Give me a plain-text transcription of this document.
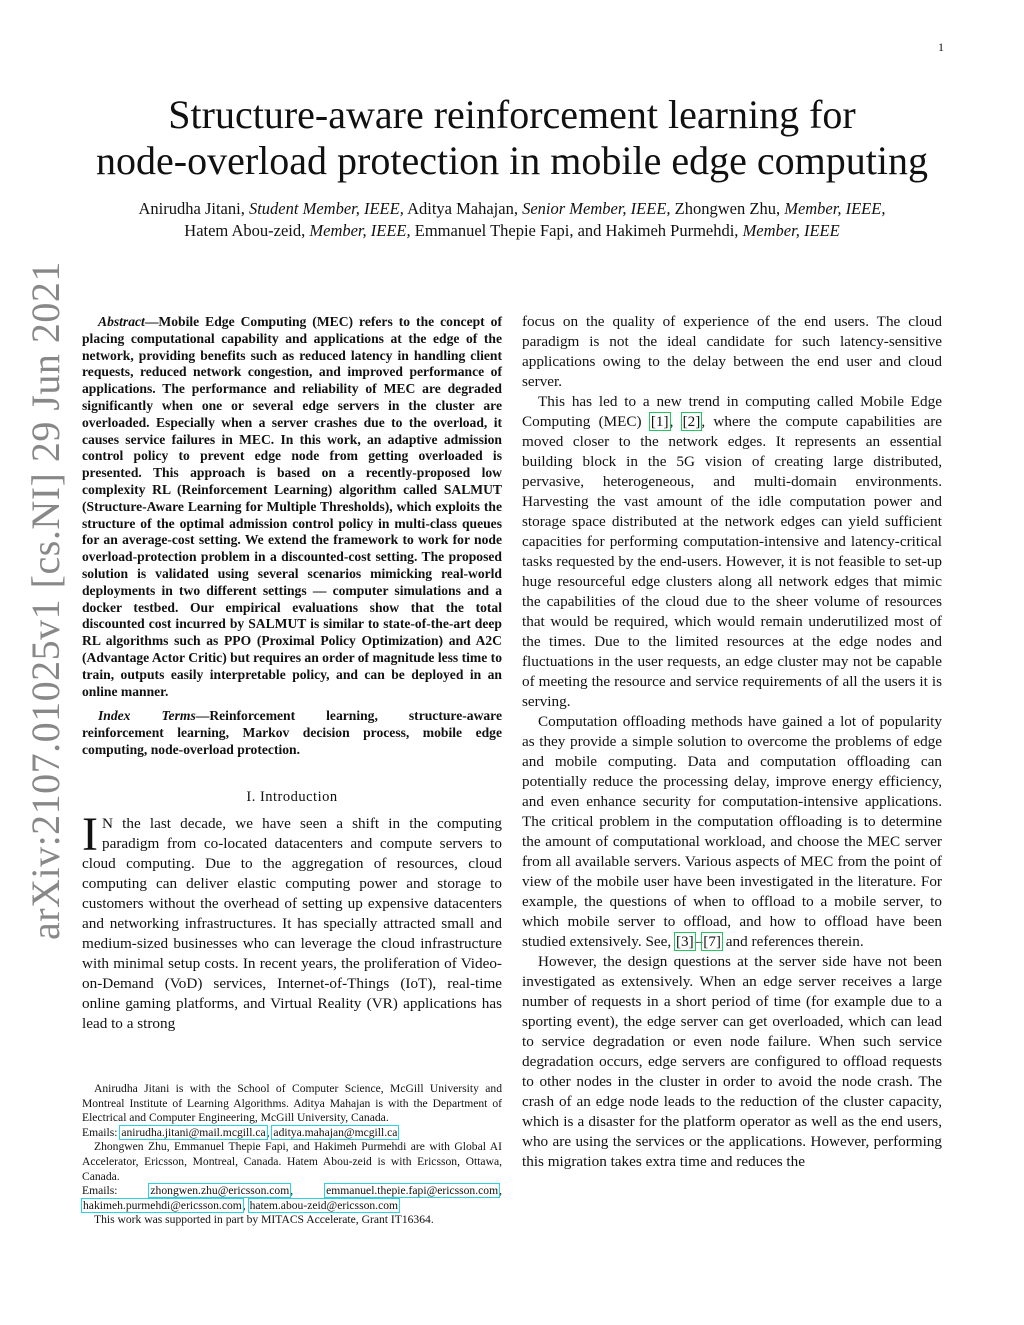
1
Structure-aware reinforcement learning for
node-overload protection in mobile edge computing
Anirudha Jitani, Student Member, IEEE, Aditya Mahajan, Senior Member, IEEE, Zhongwen Zhu, Member, IEEE,
Hatem Abou-zeid, Member, IEEE, Emmanuel Thepie Fapi, and Hakimeh Purmehdi, Member, IEEE
arXiv:2107.01025v1 [cs.NI] 29 Jun 2021	Abstract—Mobile Edge Computing (MEC) refers to the concept of placing computational capability and applications at the edge of the network, providing benefits such as reduced latency in handling client requests, reduced network congestion, and improved performance of applications. The performance and reliability of MEC are degraded significantly when one or several edge servers in the cluster are overloaded. Especially when a server crashes due to the overload, it causes service failures in MEC. In this work, an adaptive admission control policy to prevent edge node from getting overloaded is presented. This approach is based on a recently-proposed low complexity RL (Reinforcement Learning) algorithm called SALMUT (Structure-Aware Learning for Multiple Thresholds), which exploits the structure of the optimal admission control policy in multi-class queues for an average-cost setting. We extend the framework to work for node overload-protection problem in a discounted-cost setting. The proposed solution is validated using several scenarios mimicking real-world deployments in two different settings — computer simulations and a docker testbed. Our empirical evaluations show that the total discounted cost incurred by SALMUT is similar to state-of-the-art deep RL algorithms such as PPO (Proximal Policy Optimization) and A2C (Advantage Actor Critic) but requires an order of magnitude less time to train, outputs easily interpretable policy, and can be deployed in an online manner.

Index Terms—Reinforcement learning, structure-aware reinforcement learning, Markov decision process, mobile edge computing, node-overload protection.

I. Introduction

I N the last decade, we have seen a shift in the computing paradigm from co-located datacenters and compute servers to cloud computing. Due to the aggregation of resources, cloud computing can deliver elastic computing power and storage to customers without the overhead of setting up expensive datacenters and networking infrastructures. It has specially attracted small and medium-sized businesses who can leverage the cloud infrastructure with minimal setup costs. In recent years, the proliferation of Video-on-Demand (VoD) services, Internet-of-Things (IoT), real-time online gaming platforms, and Virtual Reality (VR) applications has lead to a strong

Anirudha Jitani is with the School of Computer Science, McGill University and Montreal Institute of Learning Algorithms. Aditya Mahajan is with the Department of Electrical and Computer Engineering, McGill University, Canada.

Emails: anirudha.jitani@mail.mcgill.ca, aditya.mahajan@mcgill.ca

Zhongwen Zhu, Emmanuel Thepie Fapi, and Hakimeh Purmehdi are with Global AI Accelerator, Ericsson, Montreal, Canada. Hatem Abou-zeid is with Ericsson, Ottawa, Canada.

Emails:	zhongwen.zhu@ericsson.com, emmanuel.thepie.fapi@ericsson.com, hakimeh.purmehdi@ericsson.com, hatem.abou-zeid@ericsson.com

This work was supported in part by MITACS Accelerate, Grant IT16364.

focus on the quality of experience of the end users. The cloud paradigm is not the ideal candidate for such latency-sensitive applications owing to the delay between the end user and cloud server.

This has led to a new trend in computing called Mobile Edge Computing (MEC) [1], [2], where the compute capabilities are moved closer to the network edges. It represents an essential building block in the 5G vision of creating large distributed, pervasive, heterogeneous, and multi-domain environments. Harvesting the vast amount of the idle computation power and storage space distributed at the network edges can yield sufficient capacities for performing computation-intensive and latency-critical tasks requested by the end-users. However, it is not feasible to set-up huge resourceful edge clusters along all network edges that mimic the capabilities of the cloud due to the sheer volume of resources that would be required, which would remain underutilized most of the times. Due to the limited resources at the edge nodes and fluctuations in the user requests, an edge cluster may not be capable of meeting the resource and service requirements of all the users it is serving.

Computation offloading methods have gained a lot of popularity as they provide a simple solution to overcome the problems of edge and mobile computing. Data and computation offloading can potentially reduce the processing delay, improve energy efficiency, and even enhance security for computation-intensive applications. The critical problem in the computation offloading is to determine the amount of computational workload, and choose the MEC server from all available servers. Various aspects of MEC from the point of view of the mobile user have been investigated in the literature. For example, the questions of when to offload to a mobile server, to which mobile server to offload, and how to offload have been studied extensively. See, [3]–[7] and references therein.

However, the design questions at the server side have not been investigated as extensively. When an edge server receives a large number of requests in a short period of time (for example due to a sporting event), the edge server can get overloaded, which can lead to service degradation or even node failure. When such service degradation occurs, edge servers are configured to offload requests to other nodes in the cluster in order to avoid the node crash. The crash of an edge node leads to the reduction of the cluster capacity, which is a disaster for the platform operator as well as the end users, who are using the services or the applications. However, performing this migration takes extra time and reduces the
